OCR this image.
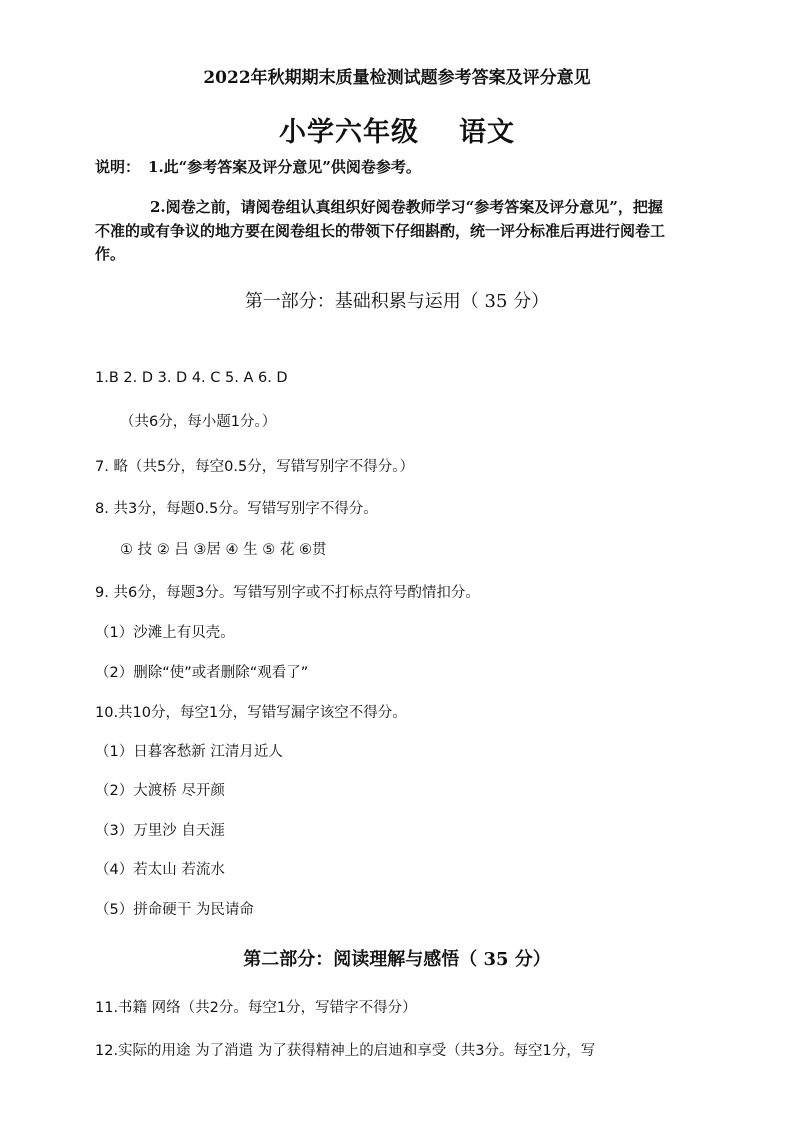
2022年秋期期末质量检测试题参考答案及评分意见
小学六年级 语文
说明： 1.此“参考答案及评分意见”供阅卷参考。
2.阅卷之前，请阅卷组认真组织好阅卷教师学习“参考答案及评分意见”，把握
不准的或有争议的地方要在阅卷组长的带领下仔细斟酌，统一评分标准后再进行阅卷工
作。
第一部分：基础积累与运用（ 35 分）
1.B 2. D 3. D 4. C 5. A 6. D
（共6分，每小题1分。）
7. 略（共5分，每空0.5分，写错写别字不得分。）
8. 共3分，每题0.5分。写错写别字不得分。
① 技 ② 吕 ③居 ④ 生 ⑤ 花 ⑥贯
9. 共6分，每题3分。写错写别字或不打标点符号酌情扣分。
（1）沙滩上有贝壳。
（2）删除“使”或者删除“观看了”
10.共10分，每空1分，写错写漏字该空不得分。
（1）日暮客愁新 江清月近人
（2）大渡桥 尽开颜
（3）万里沙 自天涯
（4）若太山 若流水
（5）拼命硬干 为民请命
第二部分：阅读理解与感悟（ 35 分）
11.书籍 网络（共2分。每空1分，写错字不得分）
12.实际的用途 为了消遣 为了获得精神上的启迪和享受（共3分。每空1分，写
